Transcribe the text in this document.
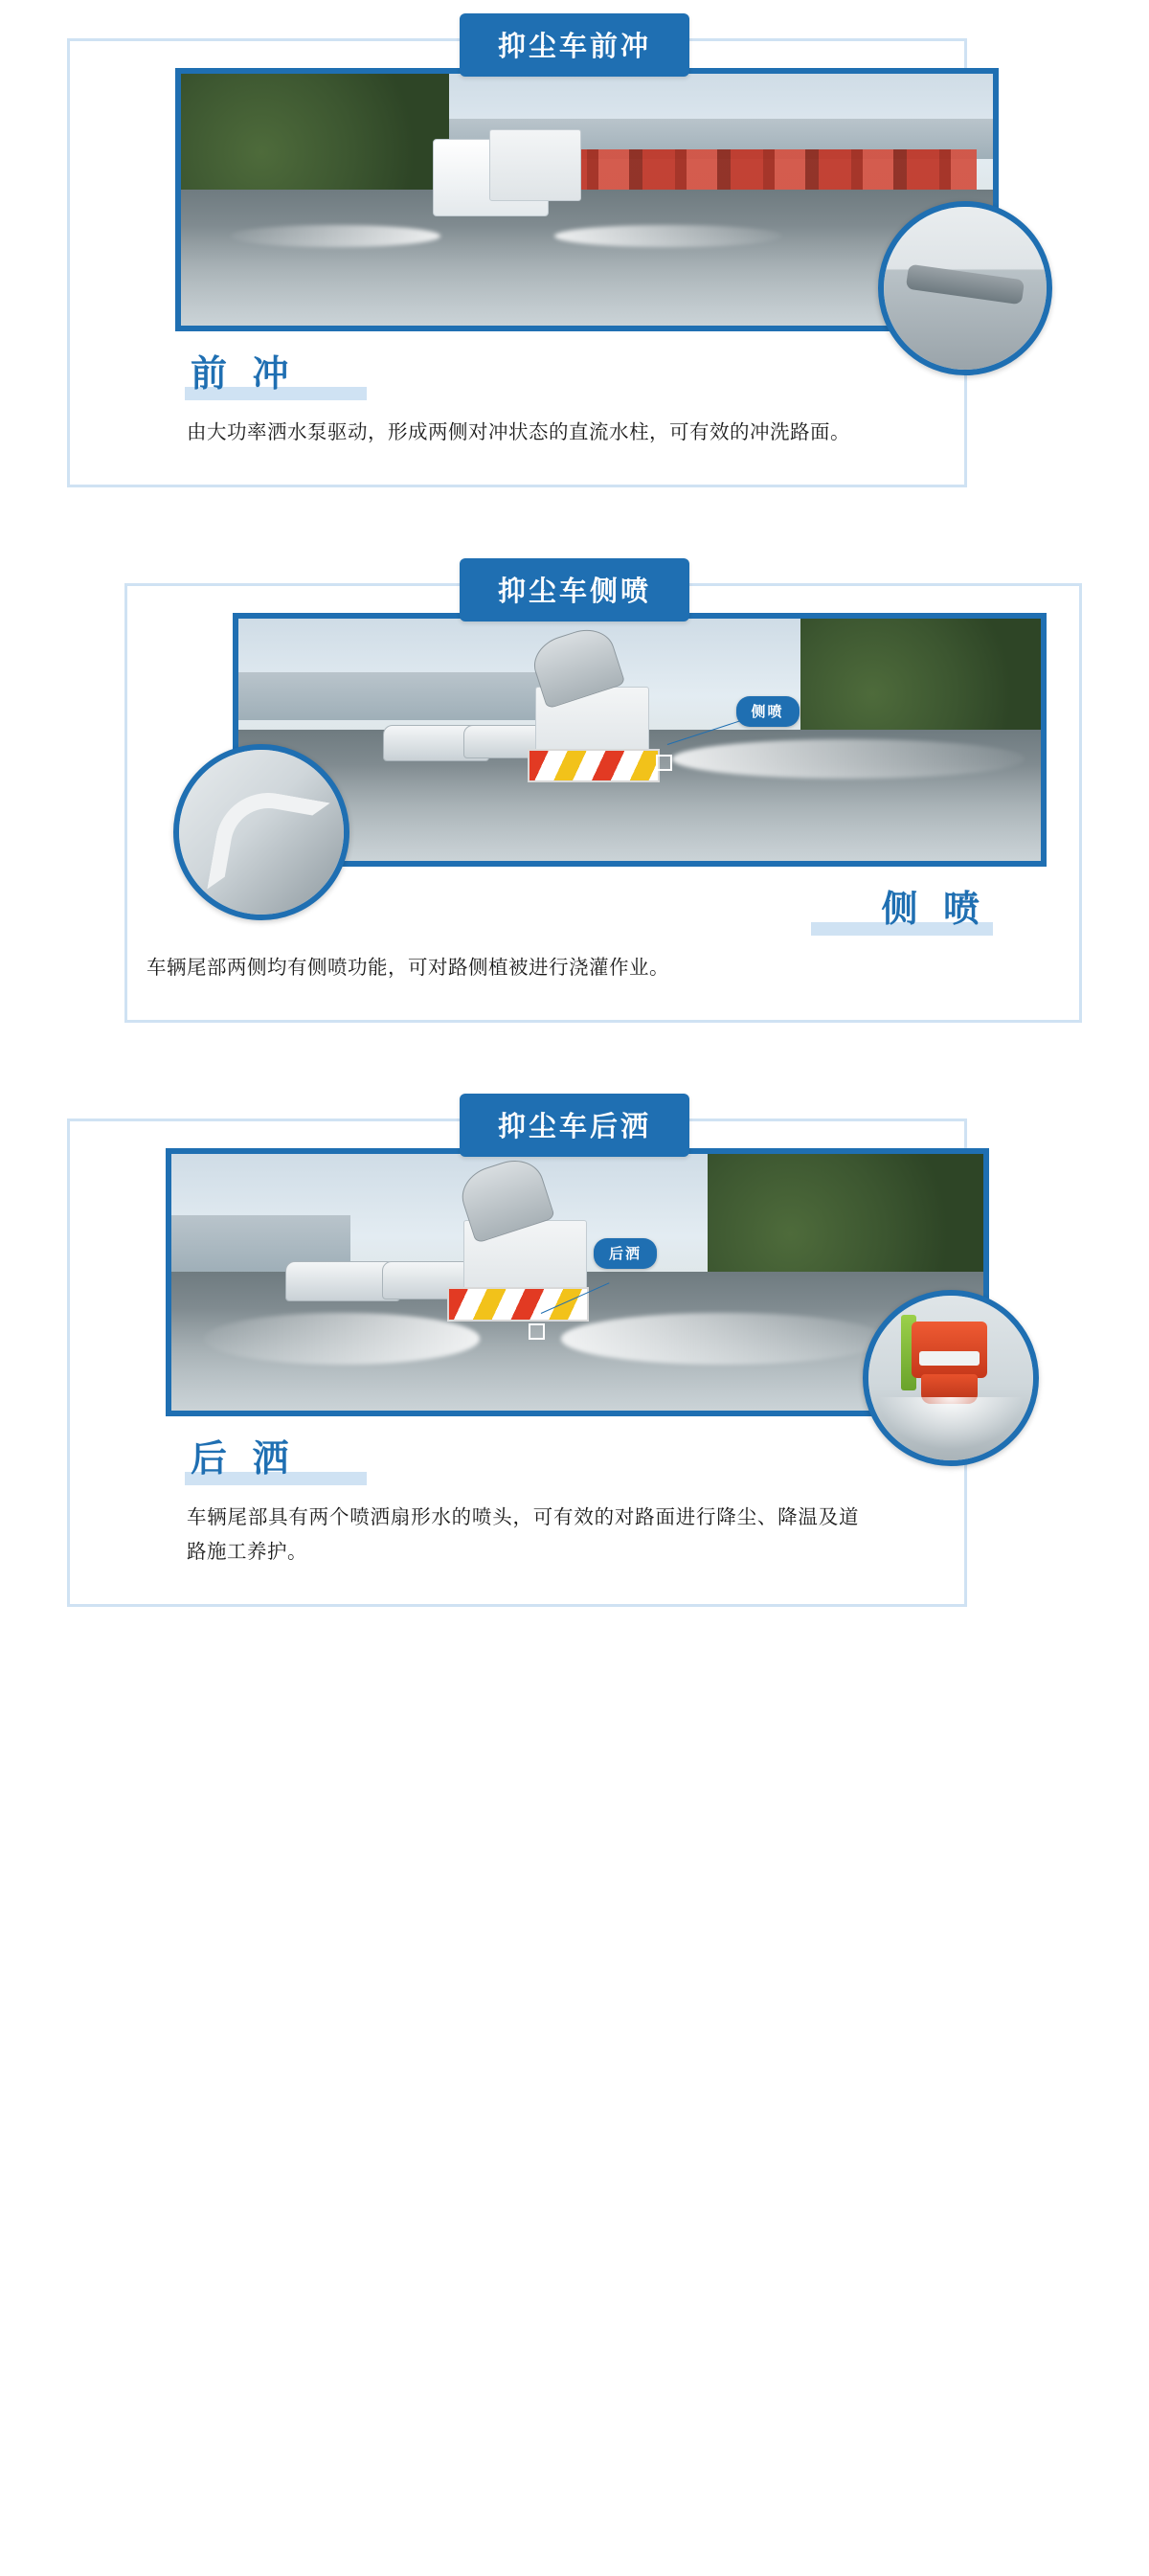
抑尘车前冲
前 冲
由大功率洒水泵驱动，形成两侧对冲状态的直流水柱，可有效的冲洗路面。
抑尘车侧喷
侧喷
侧 喷
车辆尾部两侧均有侧喷功能，可对路侧植被进行浇灌作业。
抑尘车后洒
后洒
后 洒
车辆尾部具有两个喷洒扇形水的喷头，可有效的对路面进行降尘、降温及道路施工养护。
